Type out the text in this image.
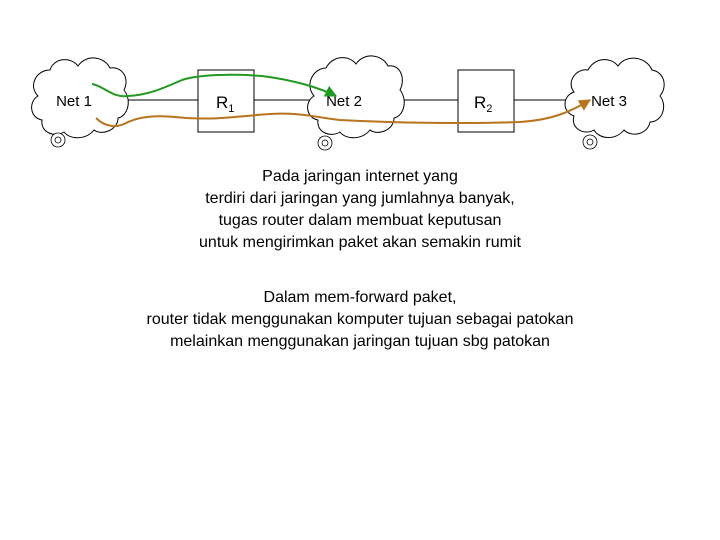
Net 1	$R_1$	Net 2	$R_2$	Net 3
Pada jaringan internet yang
terdiri dari jaringan yang jumlahnya banyak,
tugas router dalam membuat keputusan
untuk mengirimkan paket akan semakin rumit
Dalam mem-forward paket,
router tidak menggunakan komputer tujuan sebagai patokan
melainkan menggunakan jaringan tujuan sbg patokan
